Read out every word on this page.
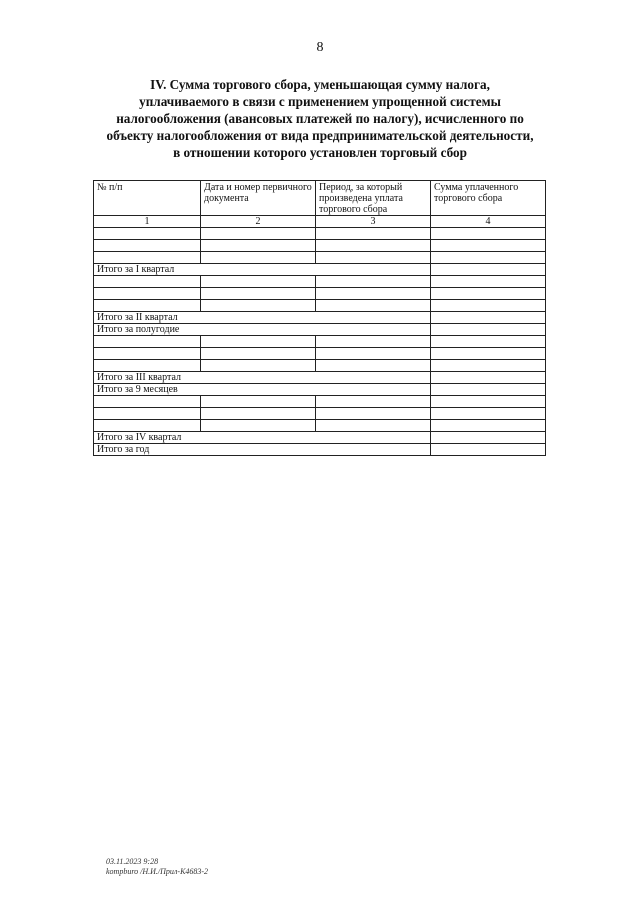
8
IV. Сумма торгового сбора, уменьшающая сумму налога,
уплачиваемого в связи с применением упрощенной системы
налогообложения (авансовых платежей по налогу), исчисленного по
объекту налогообложения от вида предпринимательской деятельности,
в отношении которого установлен торговый сбор
№ п/п	Дата и номер первичного документа	Период, за который произведена уплата торгового сбора	Сумма уплаченного торгового сбора
1	2	3	4

Итого за I квартал			

Итого за II квартал			
Итого за полугодие			

Итого за III квартал			
Итого за 9 месяцев			

Итого за IV квартал			
Итого за год			
03.11.2023 9:28
kompburo /Н.И./Прил-К4683-2
